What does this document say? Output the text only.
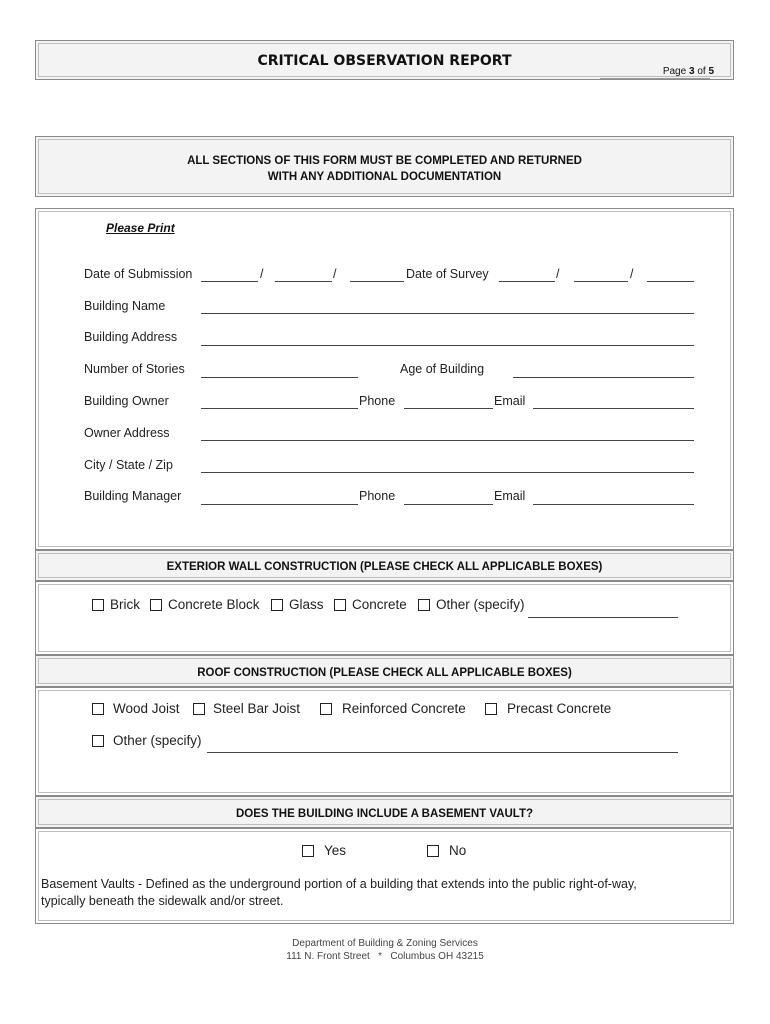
CRITICAL OBSERVATION REPORT
Page 3 of 5
ALL SECTIONS OF THIS FORM MUST BE COMPLETED AND RETURNED
WITH ANY ADDITIONAL DOCUMENTATION
Please Print
Date of Submission	/	/	Date of Survey	/	/
Building Name
Building Address
Number of Stories	Age of Building
Building Owner	Phone	Email
Owner Address
City / State / Zip
Building Manager	Phone	Email
EXTERIOR WALL CONSTRUCTION (PLEASE CHECK ALL APPLICABLE BOXES)
Brick Concrete Block Glass Concrete Other (specify)
ROOF CONSTRUCTION (PLEASE CHECK ALL APPLICABLE BOXES)
Wood Joist Steel Bar Joist	Reinforced Concrete	Precast Concrete
Other (specify)
DOES THE BUILDING INCLUDE A BASEMENT VAULT?
Yes	No
Basement Vaults - Defined as the underground portion of a building that extends into the public right-of-way,
typically beneath the sidewalk and/or street.
Department of Building & Zoning Services
111 N. Front Street   *   Columbus OH 43215
